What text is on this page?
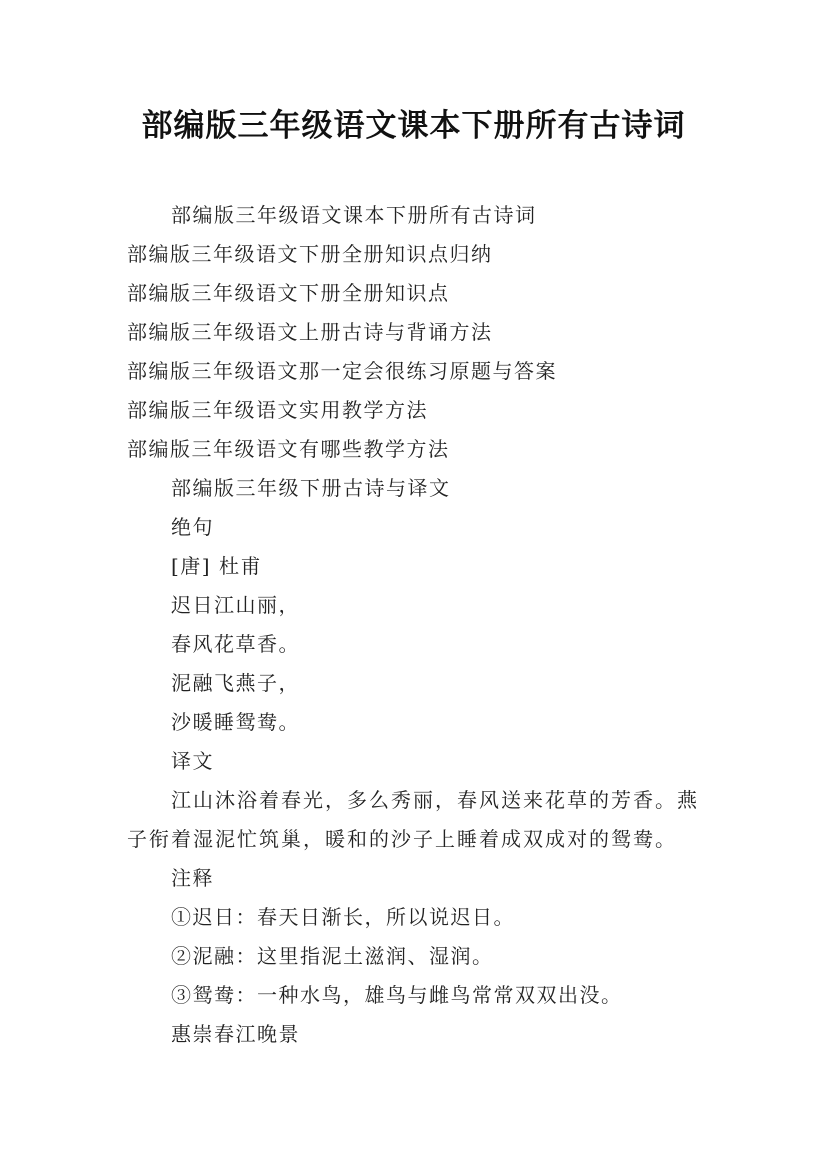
部编版三年级语文课本下册所有古诗词
部编版三年级语文课本下册所有古诗词
部编版三年级语文下册全册知识点归纳
部编版三年级语文下册全册知识点
部编版三年级语文上册古诗与背诵方法
部编版三年级语文那一定会很练习原题与答案
部编版三年级语文实用教学方法
部编版三年级语文有哪些教学方法
部编版三年级下册古诗与译文
绝句
[唐] 杜甫
迟日江山丽，
春风花草香。
泥融飞燕子，
沙暖睡鸳鸯。
译文
江山沐浴着春光，多么秀丽，春风送来花草的芳香。燕子衔着湿泥忙筑巢，暖和的沙子上睡着成双成对的鸳鸯。
注释
①迟日：春天日渐长，所以说迟日。
②泥融：这里指泥土滋润、湿润。
③鸳鸯：一种水鸟，雄鸟与雌鸟常常双双出没。
惠崇春江晚景
